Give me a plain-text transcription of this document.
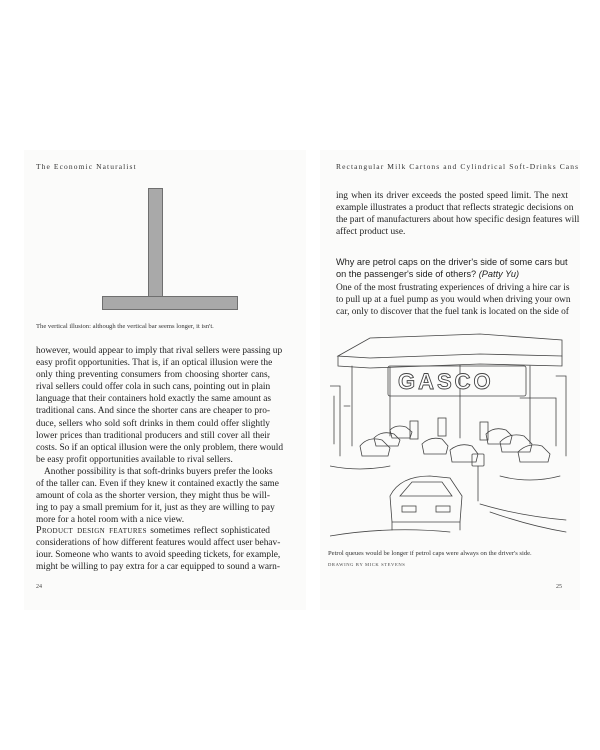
The Economic Naturalist
The vertical illusion: although the vertical bar seems longer, it isn't.

however, would appear to imply that rival sellers were passing up

easy profit opportunities. That is, if an optical illusion were the

only thing preventing consumers from choosing shorter cans,

rival sellers could offer cola in such cans, pointing out in plain

language that their containers hold exactly the same amount as

traditional cans. And since the shorter cans are cheaper to pro-

duce, sellers who sold soft drinks in them could offer slightly

lower prices than traditional producers and still cover all their

costs. So if an optical illusion were the only problem, there would

be easy profit opportunities available to rival sellers.

Another possibility is that soft-drinks buyers prefer the looks

of the taller can. Even if they knew it contained exactly the same

amount of cola as the shorter version, they might thus be will-

ing to pay a small premium for it, just as they are willing to pay

more for a hotel room with a nice view.

Product design features sometimes reflect sophisticated

considerations of how different features would affect user behav-

iour. Someone who wants to avoid speeding tickets, for example,

might be willing to pay extra for a car equipped to sound a warn-

24
Rectangular Milk Cartons and Cylindrical Soft-Drinks Cans

ing when its driver exceeds the posted speed limit. The next

example illustrates a product that reflects strategic decisions on

the part of manufacturers about how specific design features will

affect product use.

Why are petrol caps on the driver's side of some cars but

on the passenger's side of others? (Patty Yu)

One of the most frustrating experiences of driving a hire car is

to pull up at a fuel pump as you would when driving your own

car, only to discover that the fuel tank is located on the side of

GASCO
Petrol queues would be longer if petrol caps were always on the driver's side.
DRAWING BY MICK STEVENS
25
